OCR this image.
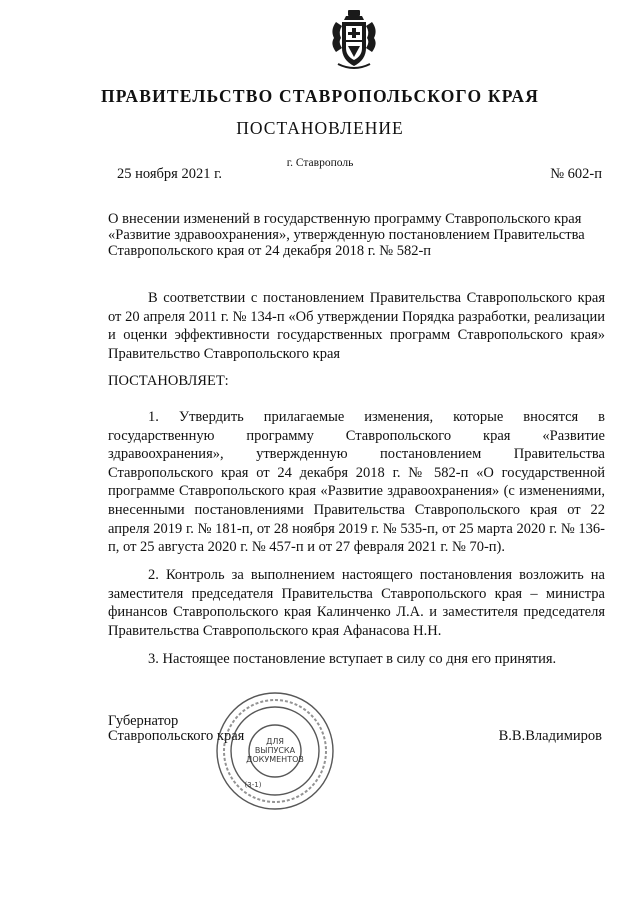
ПРАВИТЕЛЬСТВО СТАВРОПОЛЬСКОГО КРАЯ
ПОСТАНОВЛЕНИЕ
г. Ставрополь
25 ноября 2021 г.	№ 602-п
О внесении изменений в государственную программу Ставропольского края «Развитие здравоохранения», утвержденную постановлением Правительства Ставропольского края от 24 декабря 2018 г. № 582-п

В соответствии с постановлением Правительства Ставропольского края от 20 апреля 2011 г. № 134-п «Об утверждении Порядка разработки, реализации и оценки эффективности государственных программ Ставропольского края» Правительство Ставропольского края

ПОСТАНОВЛЯЕТ:

1. Утвердить прилагаемые изменения, которые вносятся в государственную программу Ставропольского края «Развитие здравоохранения», утвержденную постановлением Правительства Ставропольского края от 24 декабря 2018 г. № 582-п «О государственной программе Ставропольского края «Развитие здравоохранения» (с изменениями, внесенными постановлениями Правительства Ставропольского края от 22 апреля 2019 г. № 181-п, от 28 ноября 2019 г. № 535-п, от 25 марта 2020 г. № 136-п, от 25 августа 2020 г. № 457-п и от 27 февраля 2021 г. № 70-п).

2. Контроль за выполнением настоящего постановления возложить на заместителя председателя Правительства Ставропольского края – министра финансов Ставропольского края Калинченко Л.А. и заместителя председателя Правительства Ставропольского края Афанасова Н.Н.

3. Настоящее постановление вступает в силу со дня его принятия.

Губернатор
Ставропольского края	В.В.Владимиров
ДЛЯ
ВЫПУСКА
ДОКУМЕНТОВ
(3-1)
